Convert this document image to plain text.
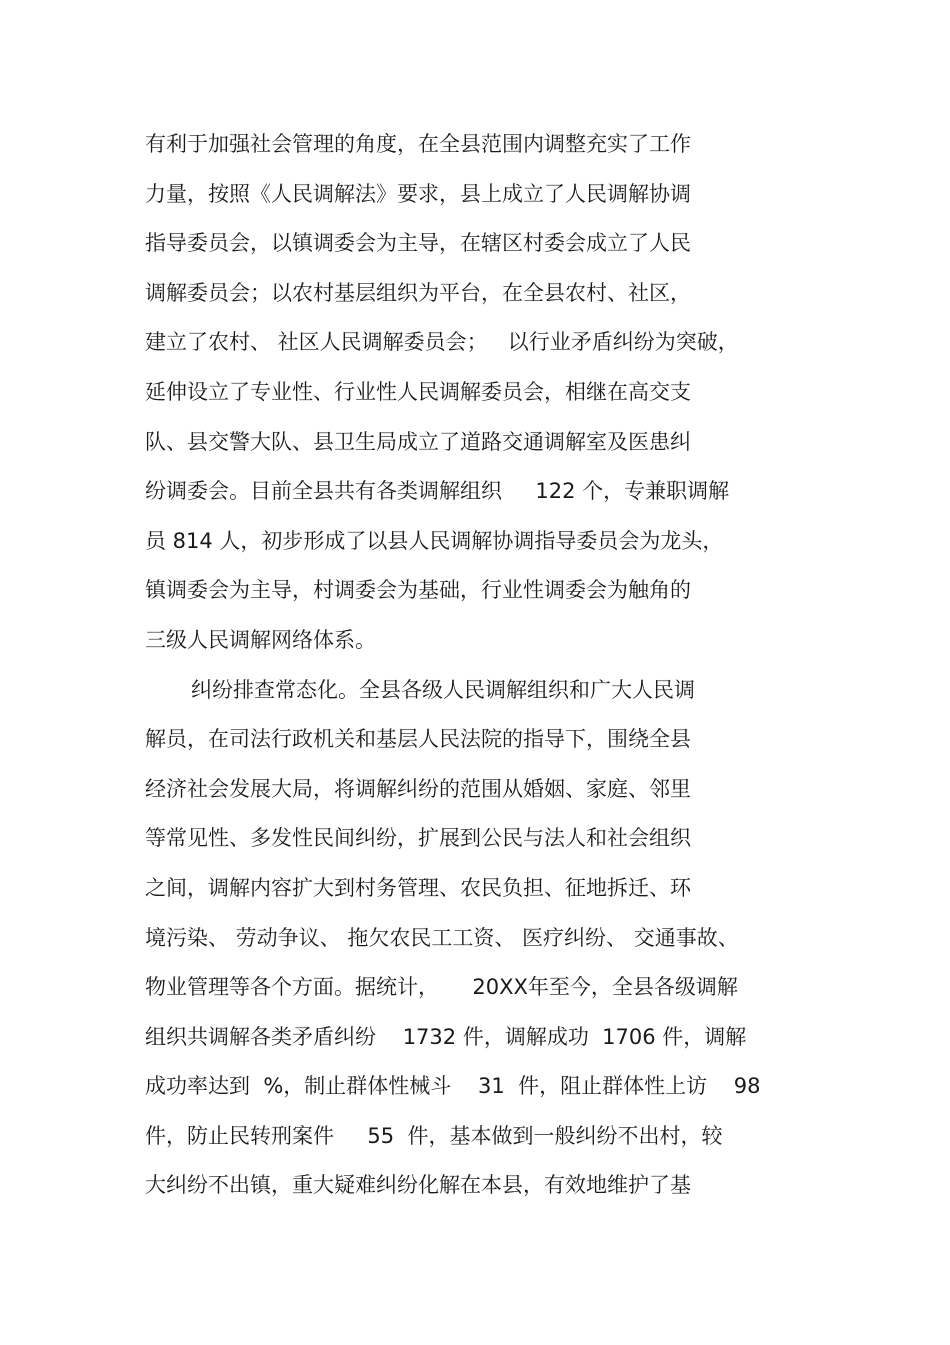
有利于加强社会管理的角度，在全县范围内调整充实了工作
力量，按照《人民调解法》要求，县上成立了人民调解协调
指导委员会，以镇调委会为主导，在辖区村委会成立了人民
调解委员会；以农村基层组织为平台，在全县农村、社区，
建立了农村、 社区人民调解委员会；   以行业矛盾纠纷为突破，
延伸设立了专业性、行业性人民调解委员会，相继在高交支
队、县交警大队、县卫生局成立了道路交通调解室及医患纠
纷调委会。目前全县共有各类调解组织     122 个，专兼职调解
员 814 人，初步形成了以县人民调解协调指导委员会为龙头，
镇调委会为主导，村调委会为基础，行业性调委会为触角的
三级人民调解网络体系。
纠纷排查常态化。全县各级人民调解组织和广大人民调
解员，在司法行政机关和基层人民法院的指导下，围绕全县
经济社会发展大局，将调解纠纷的范围从婚姻、家庭、邻里
等常见性、多发性民间纠纷，扩展到公民与法人和社会组织
之间，调解内容扩大到村务管理、农民负担、征地拆迁、环
境污染、 劳动争议、 拖欠农民工工资、 医疗纠纷、 交通事故、
物业管理等各个方面。据统计，     20XX年至今，全县各级调解
组织共调解各类矛盾纠纷    1732 件，调解成功  1706 件，调解
成功率达到  %，制止群体性械斗    31  件，阻止群体性上访    98
件，防止民转刑案件     55  件，基本做到一般纠纷不出村，较
大纠纷不出镇，重大疑难纠纷化解在本县，有效地维护了基
